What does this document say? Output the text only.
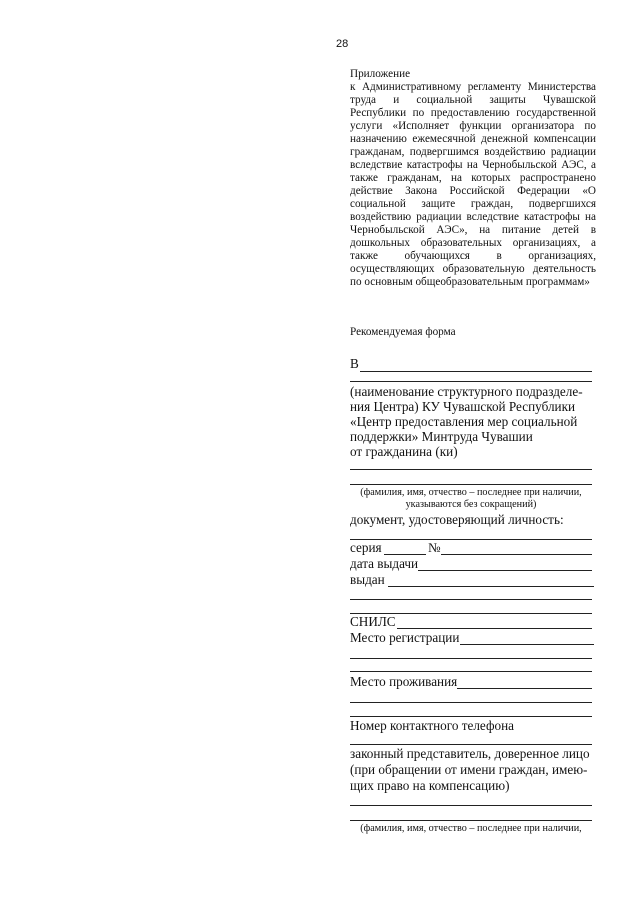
28
Приложение
к Административному регламенту Министерства труда и социальной защиты Чувашской Республики по предоставлению государственной услуги «Исполняет функции организатора по назначению ежемесячной денежной компенсации гражданам, подвергшимся воздействию радиации вследствие катастрофы на Чернобыльской АЭС, а также гражданам, на которых распространено действие Закона Российской Федерации «О социальной защите граждан, подвергшихся воздействию радиации вследствие катастрофы на Чернобыльской АЭС», на питание детей в дошкольных образовательных организациях, а также обучающихся в организациях, осуществляющих образовательную деятельность по основным общеобразовательным программам»
Рекомендуемая форма
В
(наименование структурного подразделе-
ния Центра) КУ Чувашской Республики
«Центр предоставления мер социальной
поддержки» Минтруда Чувашии
от гражданина (ки)
(фамилия, имя, отчество – последнее при наличии,
указываются без сокращений)
документ, удостоверяющий личность:
серия	№
дата выдачи
выдан
СНИЛС
Место регистрации
Место проживания
Номер контактного телефона
законный представитель, доверенное лицо
(при обращении от имени граждан, имею-
щих право на компенсацию)
(фамилия, имя, отчество – последнее при наличии,
